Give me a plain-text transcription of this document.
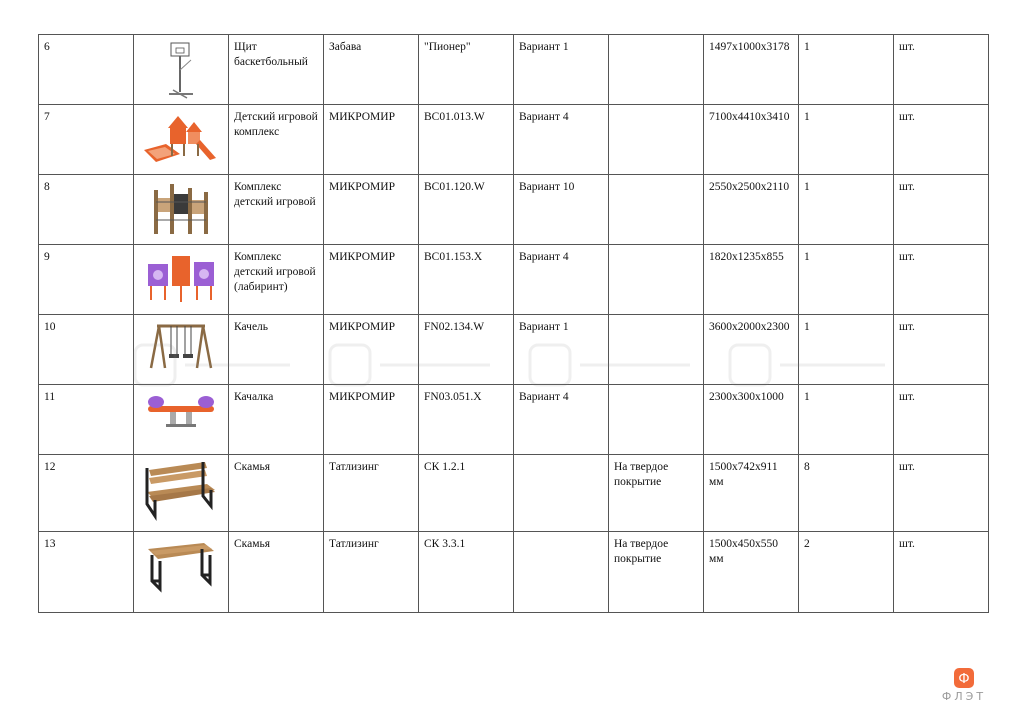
6		Щит баскетбольный	Забава	"Пионер"	Вариант 1		1497х1000х3178	1	шт.
7		Детский игровой комплекс	МИКРОМИР	BC01.013.W	Вариант 4		7100х4410х3410	1	шт.
8		Комплекс детский игровой	МИКРОМИР	BC01.120.W	Вариант 10		2550х2500х2110	1	шт.
9		Комплекс детский игровой (лабиринт)	МИКРОМИР	BC01.153.X	Вариант 4		1820х1235х855	1	шт.
10		Качель	МИКРОМИР	FN02.134.W	Вариант 1		3600х2000х2300	1	шт.
11		Качалка	МИКРОМИР	FN03.051.X	Вариант 4		2300х300х1000	1	шт.
12		Скамья	Татлизинг	СК 1.2.1		На твердое покрытие	1500х742х911 мм	8	шт.
13		Скамья	Татлизинг	СК 3.3.1		На твердое покрытие	1500х450х550 мм	2	шт.
Ф
ФЛЭТ
